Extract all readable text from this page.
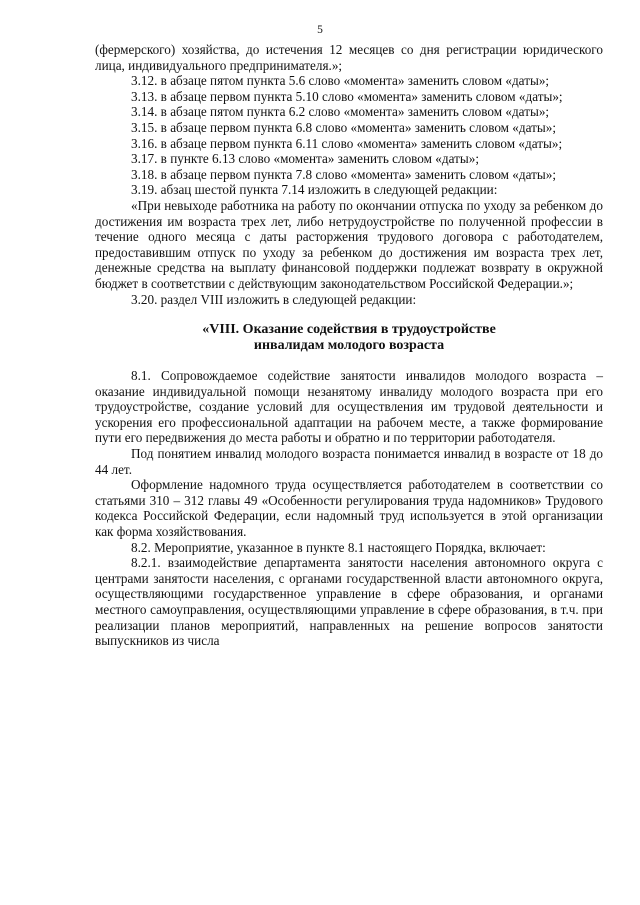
5

(фермерского) хозяйства, до истечения 12 месяцев со дня регистрации юридического лица, индивидуального предпринимателя.»;

3.12. в абзаце пятом пункта 5.6 слово «момента» заменить словом «даты»;

3.13. в абзаце первом пункта 5.10 слово «момента» заменить словом «даты»;

3.14. в абзаце пятом пункта 6.2 слово «момента» заменить словом «даты»;

3.15. в абзаце первом пункта 6.8 слово «момента» заменить словом «даты»;

3.16. в абзаце первом пункта 6.11 слово «момента» заменить словом «даты»;

3.17. в пункте 6.13 слово «момента» заменить словом «даты»;

3.18. в абзаце первом пункта 7.8 слово «момента» заменить словом «даты»;

3.19. абзац шестой пункта 7.14 изложить в следующей редакции:

«При невыходе работника на работу по окончании отпуска по уходу за ребенком до достижения им возраста трех лет, либо нетрудоустройстве по полученной профессии в течение одного месяца с даты расторжения трудового договора с работодателем, предоставившим отпуск по уходу за ребенком до достижения им возраста трех лет, денежные средства на выплату финансовой поддержки подлежат возврату в окружной бюджет в соответствии с действующим законодательством Российской Федерации.»;

3.20. раздел VIII изложить в следующей редакции:

«VIII. Оказание содействия в трудоустройстве
инвалидам молодого возраста

8.1. Сопровождаемое содействие занятости инвалидов молодого возраста – оказание индивидуальной помощи незанятому инвалиду молодого возраста при его трудоустройстве, создание условий для осуществления им трудовой деятельности и ускорения его профессиональной адаптации на рабочем месте, а также формирование пути его передвижения до места работы и обратно и по территории работодателя.

Под понятием инвалид молодого возраста понимается инвалид в возрасте от 18 до 44 лет.

Оформление надомного труда осуществляется работодателем в соответствии со статьями 310 – 312 главы 49 «Особенности регулирования труда надомников» Трудового кодекса Российской Федерации, если надомный труд используется в этой организации как форма хозяйствования.

8.2. Мероприятие, указанное в пункте 8.1 настоящего Порядка, включает:

8.2.1. взаимодействие департамента занятости населения автономного округа с центрами занятости населения, с органами государственной власти автономного округа, осуществляющими государственное управление в сфере образования, и органами местного самоуправления, осуществляющими управление в сфере образования, в т.ч. при реализации планов мероприятий, направленных на решение вопросов занятости выпускников из числа
